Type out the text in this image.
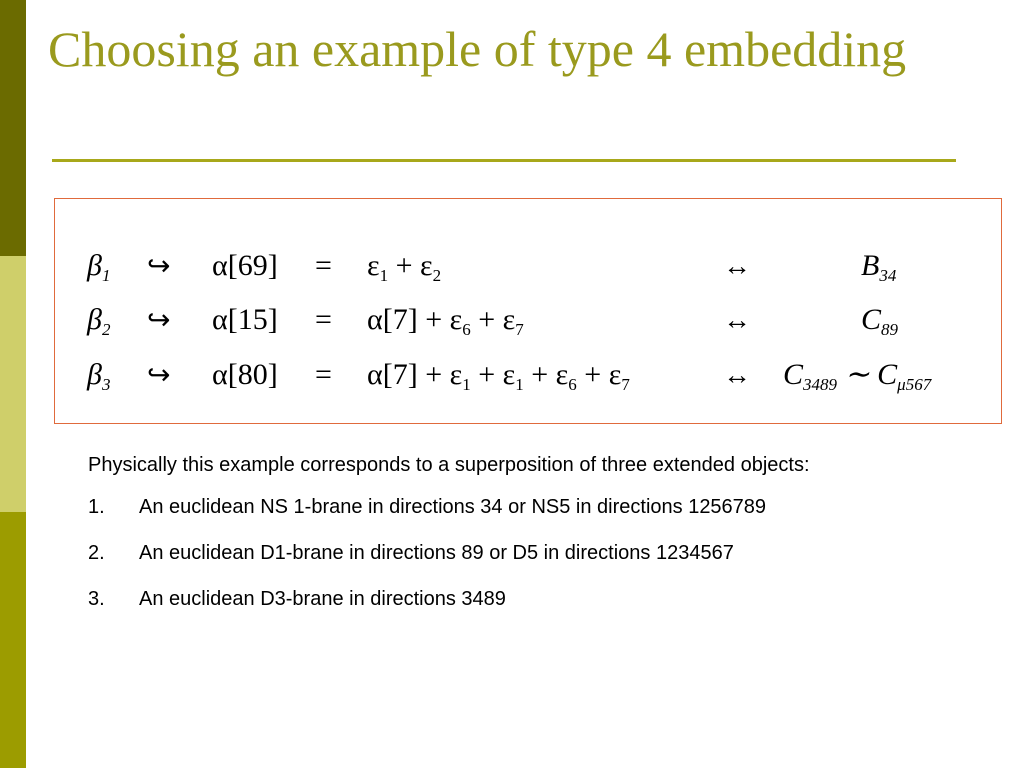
Choosing an example of type 4 embedding
$\beta_1$ ↪ $\alpha[69] = \varepsilon_1 + \varepsilon_2$	↔	$B_{34}$
$\beta_2$ ↪ $\alpha[15] = \alpha[7] + \varepsilon_6 + \varepsilon_7$	↔	$C_{89}$
$\beta_3$ ↪ $\alpha[80] = \alpha[7] + \varepsilon_1 + \varepsilon_1 + \varepsilon_6 + \varepsilon_7$	↔ $C_{3489}$ ∼ $C_{\mu 567}$

Physically this example corresponds to a superposition of three extended objects:

1.	An euclidean NS 1-brane in directions 34 or NS5 in directions 1256789
2.	An euclidean D1-brane in directions 89 or D5 in directions 1234567
3.	An euclidean D3-brane in directions 3489
